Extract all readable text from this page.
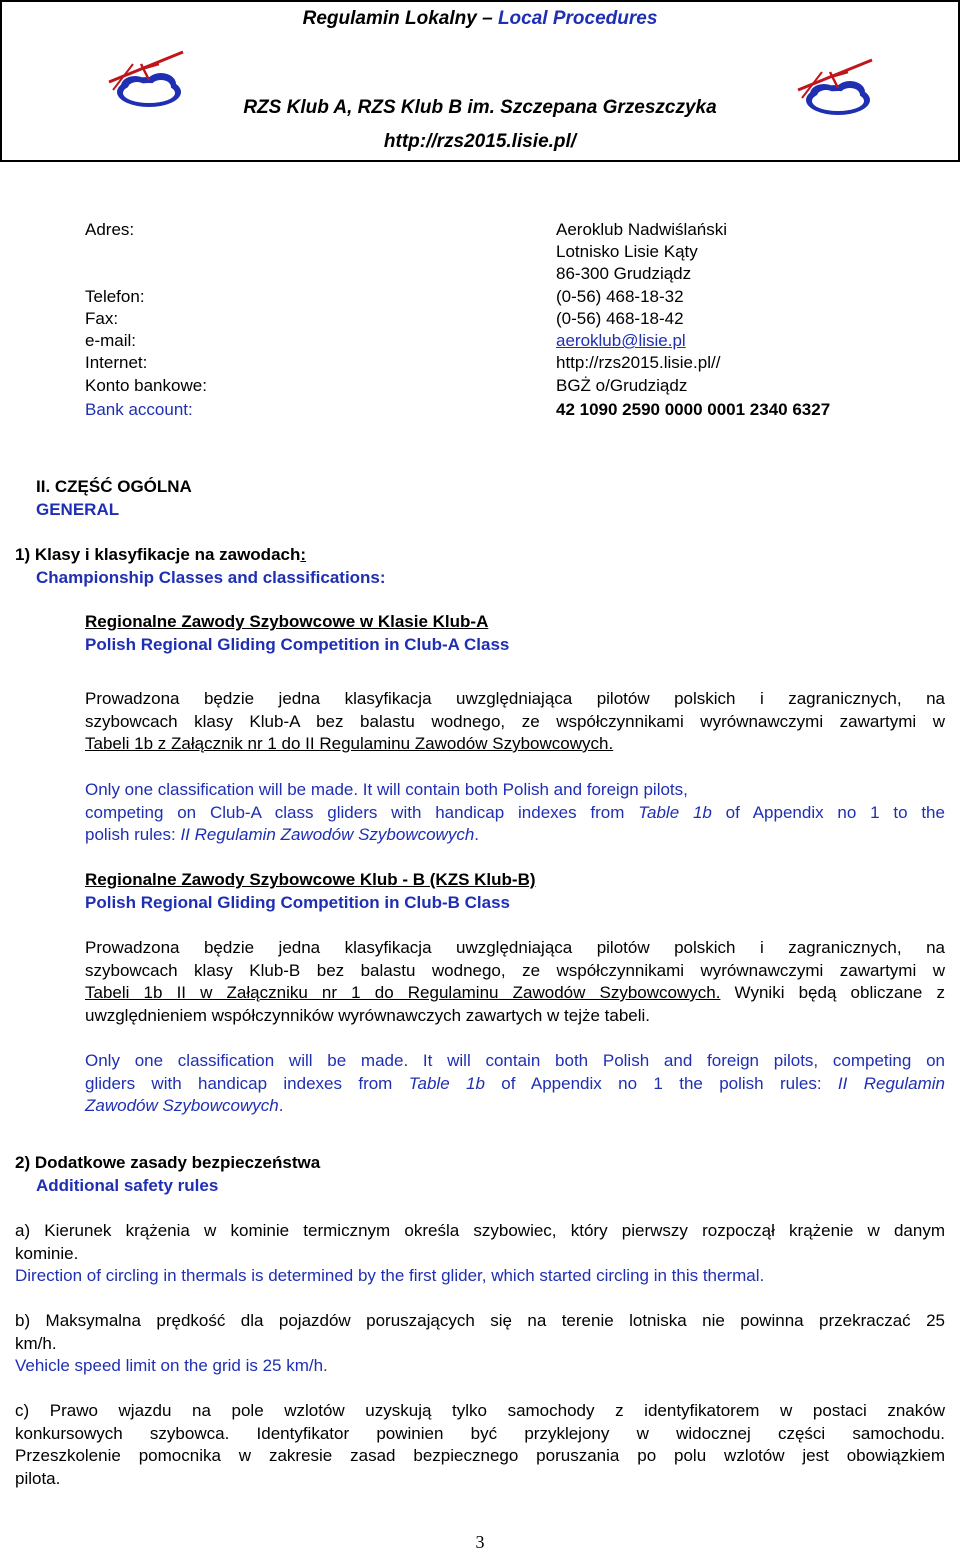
Regulamin Lokalny – Local Procedures
RZS Klub A, RZS Klub B im. Szczepana Grzeszczyka
http://rzs2015.lisie.pl/
Adres:	Aeroklub Nadwiślański
Lotnisko Lisie Kąty
86-300 Grudziądz
Telefon:	(0-56) 468-18-32
Fax:	(0-56) 468-18-42
e-mail:	aeroklub@lisie.pl
Internet:	http://rzs2015.lisie.pl//
Konto bankowe:	BGŻ o/Grudziądz
Bank account:	42 1090 2590 0000 0001 2340 6327
II. CZĘŚĆ OGÓLNA
GENERAL
1) Klasy i klasyfikacje na zawodach:
Championship Classes and classifications:
Regionalne Zawody Szybowcowe w Klasie Klub-A
Polish Regional Gliding Competition in Club-A Class
Prowadzona będzie jedna klasyfikacja uwzględniająca pilotów polskich i zagranicznych, na
szybowcach klasy Klub-A bez balastu wodnego, ze współczynnikami wyrównawczymi zawartymi w
Tabeli 1b z Załącznik nr 1 do II Regulaminu Zawodów Szybowcowych.
Only one classification will be made. It will contain both Polish and foreign pilots,
competing on Club-A class gliders with handicap indexes from Table 1b of Appendix no 1 to the
polish rules: II Regulamin Zawodów Szybowcowych.
Regionalne Zawody Szybowcowe Klub - B (KZS Klub-B)
Polish Regional Gliding Competition in Club-B Class
Prowadzona będzie jedna klasyfikacja uwzględniająca pilotów polskich i zagranicznych, na
szybowcach klasy Klub-B bez balastu wodnego, ze współczynnikami wyrównawczymi zawartymi w
Tabeli 1b II w Załączniku nr 1 do Regulaminu Zawodów Szybowcowych. Wyniki będą obliczane z
uwzględnieniem współczynników wyrównawczych zawartych w tejże tabeli.
Only one classification will be made. It will contain both Polish and foreign pilots, competing on
gliders with handicap indexes from Table 1b of Appendix no 1 the polish rules: II Regulamin
Zawodów Szybowcowych.
2) Dodatkowe zasady bezpieczeństwa
Additional safety rules
a) Kierunek krążenia w kominie termicznym określa szybowiec, który pierwszy rozpoczął krążenie w danym
kominie.
Direction of circling in thermals is determined by the first glider, which started circling in this thermal.
b) Maksymalna prędkość dla pojazdów poruszających się na terenie lotniska nie powinna przekraczać 25
km/h.
Vehicle speed limit on the grid is 25 km/h.
c) Prawo wjazdu na pole wzlotów uzyskują tylko samochody z identyfikatorem w postaci znaków
konkursowych szybowca. Identyfikator powinien być przyklejony w widocznej części samochodu.
Przeszkolenie pomocnika w zakresie zasad bezpiecznego poruszania po polu wzlotów jest obowiązkiem
pilota.
3
